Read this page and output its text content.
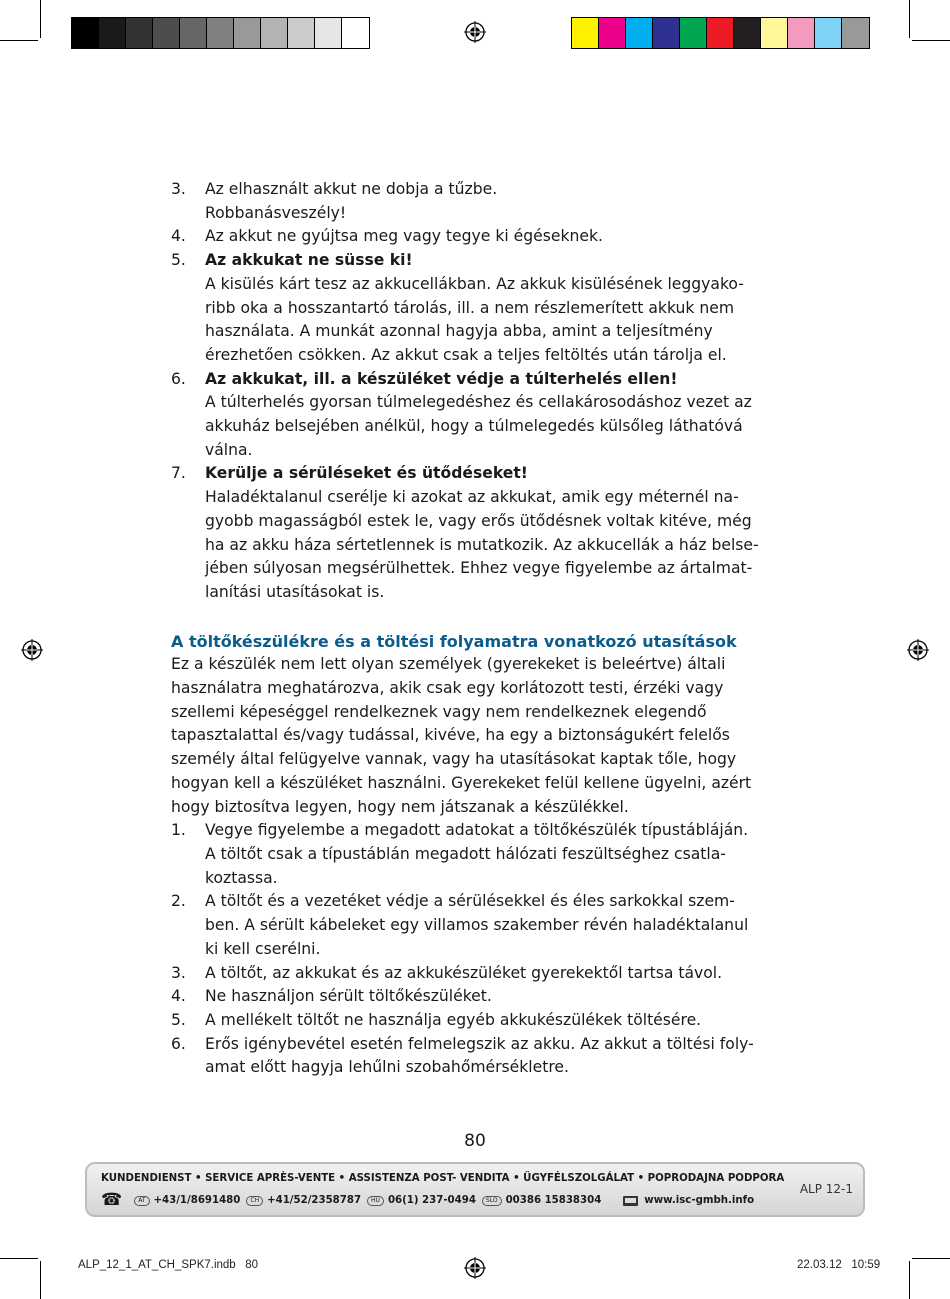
3.	Az elhasznált akkut ne dobja a tűzbe.
Robbanásveszély!
4.	Az akkut ne gyújtsa meg vagy tegye ki égéseknek.
5.	Az akkukat ne süsse ki!
A kisülés kárt tesz az akkucellákban. Az akkuk kisülésének leggyako-
ribb oka a hosszantartó tárolás, ill. a nem részlemerített akkuk nem
használata. A munkát azonnal hagyja abba, amint a teljesítmény
érezhetően csökken. Az akkut csak a teljes feltöltés után tárolja el.
6.	Az akkukat, ill. a készüléket védje a túlterhelés ellen!
A túlterhelés gyorsan túlmelegedéshez és cellakárosodáshoz vezet az
akkuház belsejében anélkül, hogy a túlmelegedés külsőleg láthatóvá
válna.
7.	Kerülje a sérüléseket és ütődéseket!
Haladéktalanul cserélje ki azokat az akkukat, amik egy méternél na-
gyobb magasságból estek le, vagy erős ütődésnek voltak kitéve, még
ha az akku háza sértetlennek is mutatkozik. Az akkucellák a ház belse-
jében súlyosan megsérülhettek. Ehhez vegye figyelembe az ártalmat-
lanítási utasításokat is.
A töltőkészülékre és a töltési folyamatra vonatkozó utasítások

Ez a készülék nem lett olyan személyek (gyerekeket is beleértve) általi
használatra meghatározva, akik csak egy korlátozott testi, érzéki vagy
szellemi képeséggel rendelkeznek vagy nem rendelkeznek elegendő
tapasztalattal és/vagy tudással, kivéve, ha egy a biztonságukért felelős
személy által felügyelve vannak, vagy ha utasításokat kaptak tőle, hogy
hogyan kell a készüléket használni. Gyerekeket felül kellene ügyelni, azért
hogy biztosítva legyen, hogy nem játszanak a készülékkel.

1.	Vegye figyelembe a megadott adatokat a töltőkészülék típustábláján.
A töltőt csak a típustáblán megadott hálózati feszültséghez csatla-
koztassa.
2.	A töltőt és a vezetéket védje a sérülésekkel és éles sarkokkal szem-
ben. A sérült kábeleket egy villamos szakember révén haladéktalanul
ki kell cserélni.
3.	A töltőt, az akkukat és az akkukészüléket gyerekektől tartsa távol.
4.	Ne használjon sérült töltőkészüléket.
5.	A mellékelt töltőt ne használja egyéb akkukészülékek töltésére.
6.	Erős igénybevétel esetén felmelegszik az akku. Az akkut a töltési foly-
amat előtt hagyja lehűlni szobahőmérsékletre.
80
KUNDENDIENST • SERVICE APRÈS-VENTE • ASSISTENZA POST- VENDITA • ÜGYFÉLSZOLGÁLAT • POPRODAJNA PODPORA
☎	AT +43/1/8691480	CH +41/52/2358787	HU 06(1) 237-0494	SLO 00386 15838304	www.isc-gmbh.info
ALP 12-1
ALP_12_1_AT_CH_SPK7.indb   80	22.03.12   10:59
